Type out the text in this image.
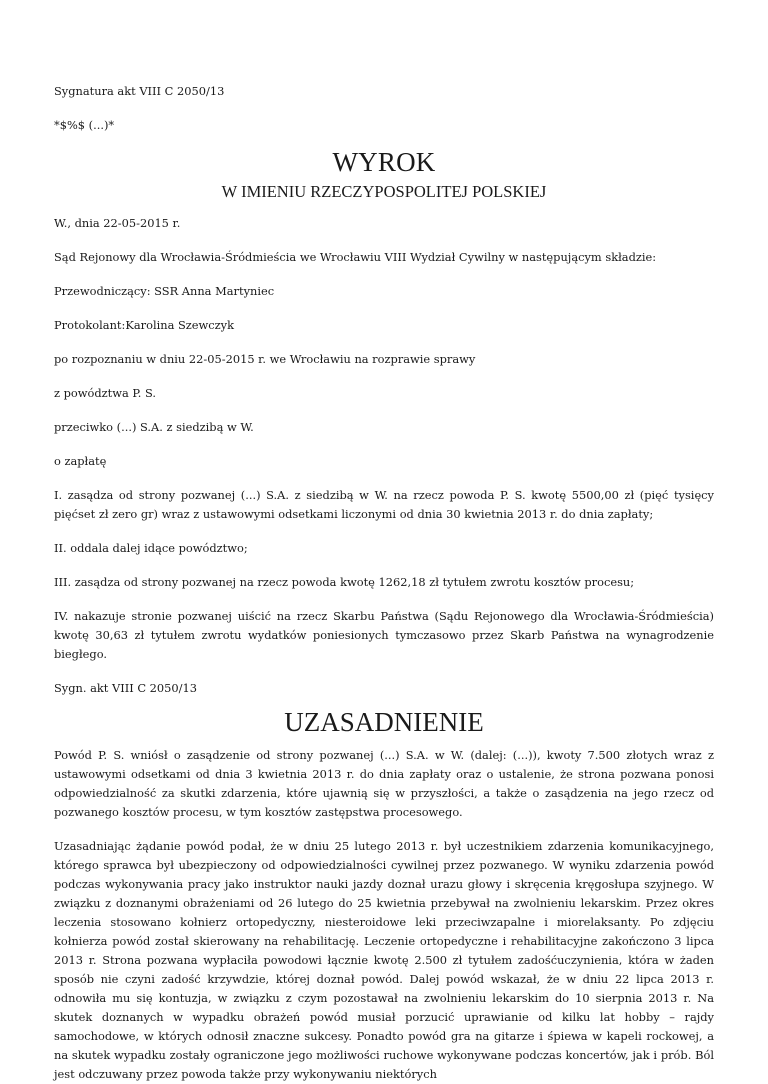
Sygnatura akt VIII C 2050/13

*$%$ (...)*

WYROK
W IMIENIU RZECZYPOSPOLITEJ POLSKIEJ

W., dnia 22-05-2015 r.

Sąd Rejonowy dla Wrocławia-Śródmieścia we Wrocławiu VIII Wydział Cywilny w następującym składzie:

Przewodniczący: SSR Anna Martyniec

Protokolant:Karolina Szewczyk

po rozpoznaniu w dniu 22-05-2015 r. we Wrocławiu na rozprawie sprawy

z powództwa P. S.

przeciwko (...) S.A. z siedzibą w W.

o zapłatę

I. zasądza od strony pozwanej (...) S.A. z siedzibą w W. na rzecz powoda P. S. kwotę 5500,00 zł (pięć tysięcy pięćset zł zero gr) wraz z ustawowymi odsetkami liczonymi od dnia 30 kwietnia 2013 r. do dnia zapłaty;

II. oddala dalej idące powództwo;

III. zasądza od strony pozwanej na rzecz powoda kwotę 1262,18 zł tytułem zwrotu kosztów procesu;

IV. nakazuje stronie pozwanej uiścić na rzecz Skarbu Państwa (Sądu Rejonowego dla Wrocławia-Śródmieścia) kwotę 30,63 zł tytułem zwrotu wydatków poniesionych tymczasowo przez Skarb Państwa na wynagrodzenie biegłego.

Sygn. akt VIII C 2050/13

UZASADNIENIE

Powód P. S. wniósł o zasądzenie od strony pozwanej (...) S.A. w W. (dalej: (...)), kwoty 7.500 złotych wraz z ustawowymi odsetkami od dnia 3 kwietnia 2013 r. do dnia zapłaty oraz o ustalenie, że strona pozwana ponosi odpowiedzialność za skutki zdarzenia, które ujawnią się w przyszłości, a także o zasądzenia na jego rzecz od pozwanego kosztów procesu, w tym kosztów zastępstwa procesowego.

Uzasadniając żądanie powód podał, że w dniu 25 lutego 2013 r. był uczestnikiem zdarzenia komunikacyjnego, którego sprawca był ubezpieczony od odpowiedzialności cywilnej przez pozwanego. W wyniku zdarzenia powód podczas wykonywania pracy jako instruktor nauki jazdy doznał urazu głowy i skręcenia kręgosłupa szyjnego. W związku z doznanymi obrażeniami od 26 lutego do 25 kwietnia przebywał na zwolnieniu lekarskim. Przez okres leczenia stosowano kołnierz ortopedyczny, niesteroidowe leki przeciwzapalne i miorelaksanty. Po zdjęciu kołnierza powód został skierowany na rehabilitację. Leczenie ortopedyczne i rehabilitacyjne zakończono 3 lipca 2013 r. Strona pozwana wypłaciła powodowi łącznie kwotę 2.500 zł tytułem zadośćuczynienia, która w żaden sposób nie czyni zadość krzywdzie, której doznał powód. Dalej powód wskazał, że w dniu 22 lipca 2013 r. odnowiła mu się kontuzja, w związku z czym pozostawał na zwolnieniu lekarskim do 10 sierpnia 2013 r. Na skutek doznanych w wypadku obrażeń powód musiał porzucić uprawianie od kilku lat hobby – rajdy samochodowe, w których odnosił znaczne sukcesy. Ponadto powód gra na gitarze i śpiewa w kapeli rockowej, a na skutek wypadku zostały ograniczone jego możliwości ruchowe wykonywane podczas koncertów, jak i prób. Ból jest odczuwany przez powoda także przy wykonywaniu niektórych
